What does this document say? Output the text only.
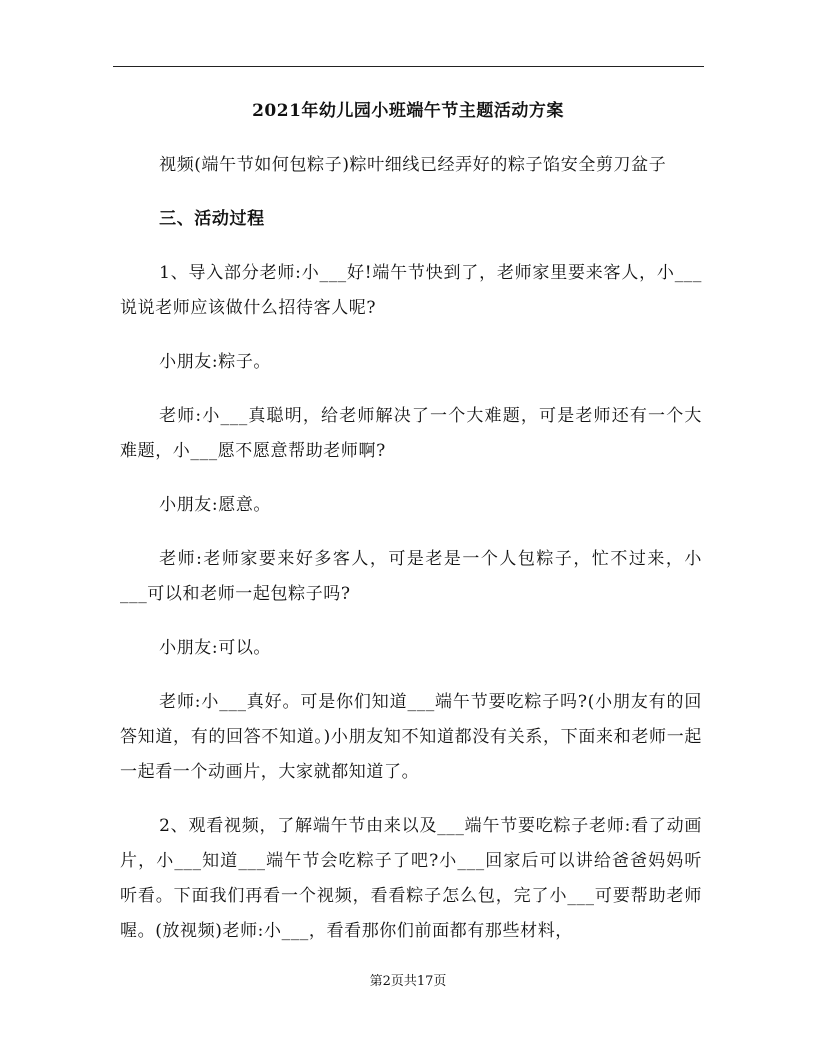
2021年幼儿园小班端午节主题活动方案

视频(端午节如何包粽子)粽叶细线已经弄好的粽子馅安全剪刀盆子

三、活动过程

1、导入部分老师:小___好!端午节快到了，老师家里要来客人，小___说说老师应该做什么招待客人呢?

小朋友:粽子。

老师:小___真聪明，给老师解决了一个大难题，可是老师还有一个大难题，小___愿不愿意帮助老师啊?

小朋友:愿意。

老师:老师家要来好多客人，可是老是一个人包粽子，忙不过来，小___可以和老师一起包粽子吗?

小朋友:可以。

老师:小___真好。可是你们知道___端午节要吃粽子吗?(小朋友有的回答知道，有的回答不知道。)小朋友知不知道都没有关系，下面来和老师一起一起看一个动画片，大家就都知道了。

2、观看视频，了解端午节由来以及___端午节要吃粽子老师:看了动画片，小___知道___端午节会吃粽子了吧?小___回家后可以讲给爸爸妈妈听听看。下面我们再看一个视频，看看粽子怎么包，完了小___可要帮助老师喔。(放视频)老师:小___，看看那你们前面都有那些材料，

第2页共17页
